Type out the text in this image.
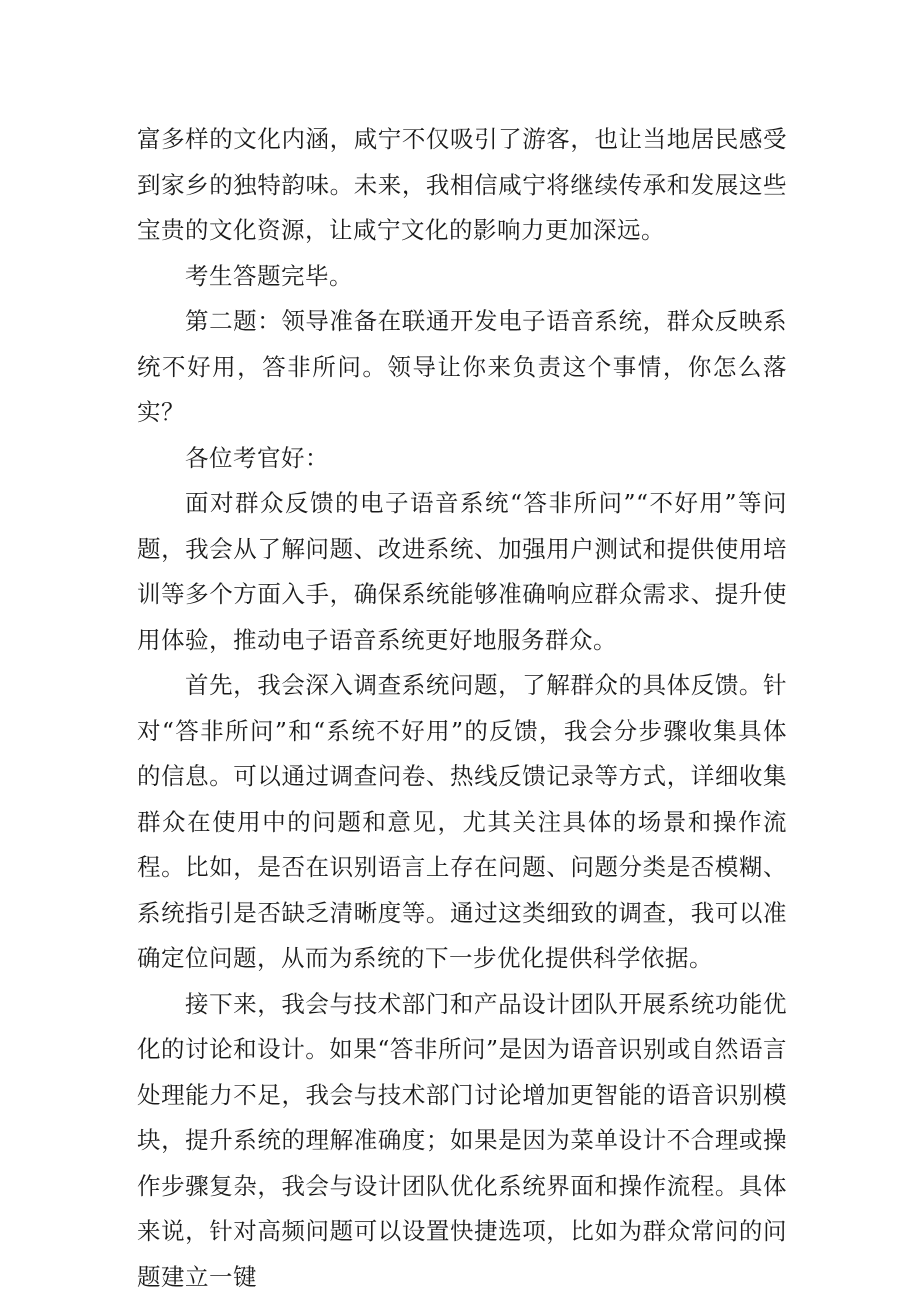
富多样的文化内涵，咸宁不仅吸引了游客，也让当地居民感受到家乡的独特韵味。未来，我相信咸宁将继续传承和发展这些宝贵的文化资源，让咸宁文化的影响力更加深远。

考生答题完毕。

第二题：领导准备在联通开发电子语音系统，群众反映系统不好用，答非所问。领导让你来负责这个事情，你怎么落实？

各位考官好：

面对群众反馈的电子语音系统“答非所问”“不好用”等问题，我会从了解问题、改进系统、加强用户测试和提供使用培训等多个方面入手，确保系统能够准确响应群众需求、提升使用体验，推动电子语音系统更好地服务群众。

首先，我会深入调查系统问题，了解群众的具体反馈。针对“答非所问”和“系统不好用”的反馈，我会分步骤收集具体的信息。可以通过调查问卷、热线反馈记录等方式，详细收集群众在使用中的问题和意见，尤其关注具体的场景和操作流程。比如，是否在识别语言上存在问题、问题分类是否模糊、系统指引是否缺乏清晰度等。通过这类细致的调查，我可以准确定位问题，从而为系统的下一步优化提供科学依据。

接下来，我会与技术部门和产品设计团队开展系统功能优化的讨论和设计。如果“答非所问”是因为语音识别或自然语言处理能力不足，我会与技术部门讨论增加更智能的语音识别模块，提升系统的理解准确度；如果是因为菜单设计不合理或操作步骤复杂，我会与设计团队优化系统界面和操作流程。具体来说，针对高频问题可以设置快捷选项，比如为群众常问的问题建立一键
